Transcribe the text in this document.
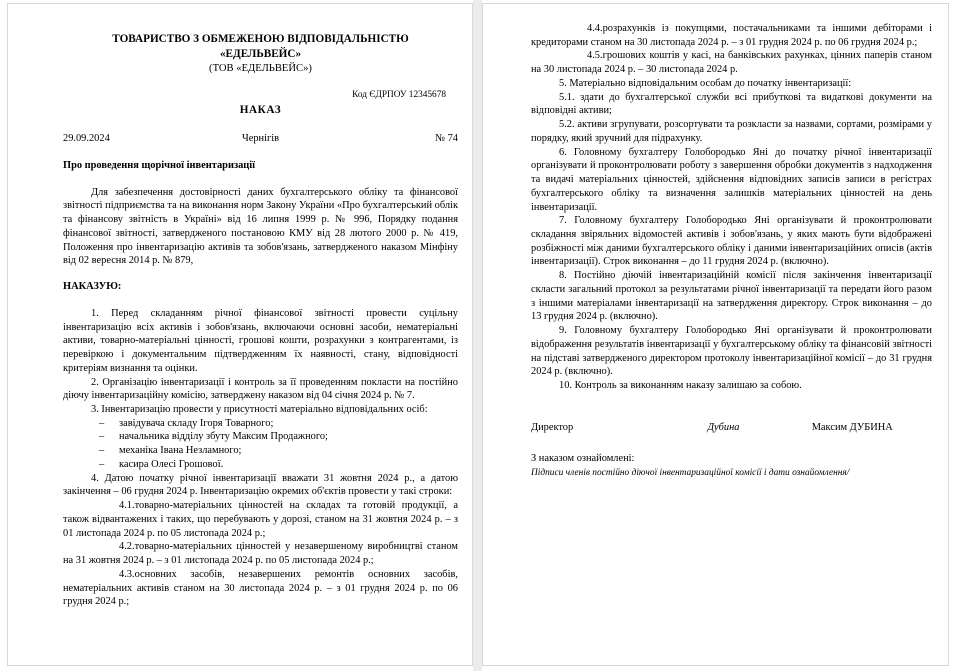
ТОВАРИСТВО З ОБМЕЖЕНОЮ ВІДПОВІДАЛЬНІСТЮ
«ЕДЕЛЬВЕЙС»
(ТОВ «ЕДЕЛЬВЕЙС»)
Код ЄДРПОУ 12345678
НАКАЗ
29.09.2024	Чернігів	№ 74
Про проведення щорічної інвентаризації

Для забезпечення достовірності даних бухгалтерського обліку та фінансової звітності підприємства та на виконання норм Закону України «Про бухгалтерський облік та фінансову звітність в Україні» від 16 липня 1999 р. № 996, Порядку подання фінансової звітності, затвердженого постановою КМУ від 28 лютого 2000 р. № 419, Положення про інвентаризацію активів та зобов'язань, затвердженого наказом Мінфіну від 02 вересня 2014 р. № 879,

НАКАЗУЮ:

1. Перед складанням річної фінансової звітності провести суцільну інвентаризацію всіх активів і зобов'язань, включаючи основні засоби, нематеріальні активи, товарно-матеріальні цінності, грошові кошти, розрахунки з контрагентами, із перевіркою і документальним підтвердженням їх наявності, стану, відповідності критеріям визнання та оцінки.

2. Організацію інвентаризації і контроль за її проведенням покласти на постійно діючу інвентаризаційну комісію, затверджену наказом від 04 січня 2024 р. № 7.

3. Інвентаризацію провести у присутності матеріально відповідальних осіб:

– завідувача складу Ігоря Товарного;

– начальника відділу збуту Максим Продажного;

– механіка Івана Незламного;

– касира Олесі Грошової.

4. Датою початку річної інвентаризації вважати 31 жовтня 2024 р., а датою закінчення – 06 грудня 2024 р. Інвентаризацію окремих об'єктів провести у такі строки:

4.1.товарно-матеріальних цінностей на складах та готовій продукції, а також відвантажених і таких, що перебувають у дорозі, станом на 31 жовтня 2024 р. – з 01 листопада 2024 р. по 05 листопада 2024 р.;

4.2.товарно-матеріальних цінностей у незавершеному виробництві станом на 31 жовтня 2024 р. – з 01 листопада 2024 р. по 05 листопада 2024 р.;

4.3.основних засобів, незавершених ремонтів основних засобів, нематеріальних активів станом на 30 листопада 2024 р. – з 01 грудня 2024 р. по 06 грудня 2024 р.;

4.4.розрахунків із покупцями, постачальниками та іншими дебіторами і кредиторами станом на 30 листопада 2024 р. – з 01 грудня 2024 р. по 06 грудня 2024 р.;

4.5.грошових коштів у касі, на банківських рахунках, цінних паперів станом на 30 листопада 2024 р. – 30 листопада 2024 р.

5. Матеріально відповідальним особам до початку інвентаризації:

5.1. здати до бухгалтерської служби всі прибуткові та видаткові документи на відповідні активи;

5.2. активи згрупувати, розсортувати та розкласти за назвами, сортами, розмірами у порядку, який зручний для підрахунку.

6. Головному бухгалтеру Голобородько Яні до початку річної інвентаризації організувати й проконтролювати роботу з завершення обробки документів з надходження та видачі матеріальних цінностей, здійснення відповідних записів записи в регістрах бухгалтерського обліку та визначення залишків матеріальних цінностей на день інвентаризації.

7. Головному бухгалтеру Голобородько Яні організувати й проконтролювати складання звіряльних відомостей активів і зобов'язань, у яких мають бути відображені розбіжності між даними бухгалтерського обліку і даними інвентаризаційних описів (актів інвентаризації). Строк виконання – до 11 грудня 2024 р. (включно).

8. Постійно діючій інвентаризаційній комісії після закінчення інвентаризації скласти загальний протокол за результатами річної інвентаризації та передати його разом з іншими матеріалами інвентаризації на затвердження директору. Строк виконання – до 13 грудня 2024 р. (включно).

9. Головному бухгалтеру Голобородько Яні організувати й проконтролювати відображення результатів інвентаризації у бухгалтерському обліку та фінансовій звітності на підставі затвердженого директором протоколу інвентаризаційної комісії – до 31 грудня 2024 р. (включно).

10. Контроль за виконанням наказу залишаю за собою.

Директор	Дубина	Максим ДУБИНА
З наказом ознайомлені:
Підписи членів постійно діючої інвентаризаційної комісії і дати ознайомлення/
